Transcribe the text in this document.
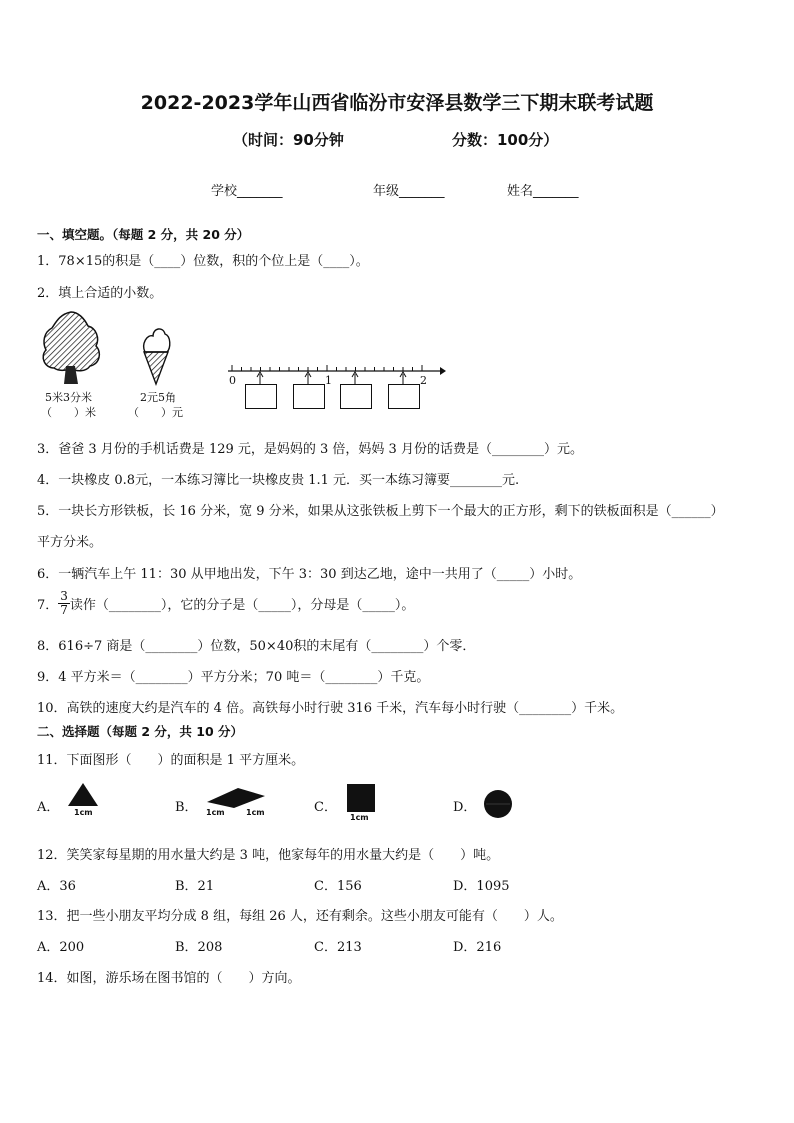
2022-2023学年山西省临汾市安泽县数学三下期末联考试题
（时间：90分钟	分数：100分）
学校_______	年级_______	姓名_______
一、填空题。（每题 2 分，共 20 分）
1．78×15的积是（____）位数，积的个位上是（____）。
2．填上合适的小数。
5米3分米
（　　）米
2元5角
（　　）元
0	1	2
3．爸爸 3 月份的手机话费是 129 元，是妈妈的 3 倍，妈妈 3 月份的话费是（________）元。
4．一块橡皮 0.8元，一本练习簿比一块橡皮贵 1.1 元．买一本练习簿要________元.
5．一块长方形铁板，长 16 分米，宽 9 分米，如果从这张铁板上剪下一个最大的正方形，剩下的铁板面积是（______）
平方分米。
6．一辆汽车上午 11：30 从甲地出发，下午 3：30 到达乙地，途中一共用了（_____）小时。
7． $\frac{3}{7}$ 读作（________），它的分子是（_____），分母是（_____）。
8．616÷7 商是（________）位数，50×40积的末尾有（________）个零．
9．4 平方米＝（________）平方分米；70 吨＝（________）千克。
10．高铁的速度大约是汽车的 4 倍。高铁每小时行驶 316 千米，汽车每小时行驶（________）千米。
二、选择题（每题 2 分，共 10 分）
11．下面图形（　　）的面积是 1 平方厘米。
A． 1cm	B． 1cm	1cm	C．
1cm
D．
12．笑笑家每星期的用水量大约是 3 吨，他家每年的用水量大约是（　　）吨。
A．36	B．21	C．156	D．1095
13．把一些小朋友平均分成 8 组，每组 26 人，还有剩余。这些小朋友可能有（　　）人。
A．200	B．208	C．213	D．216
14．如图，游乐场在图书馆的（　　）方向。
